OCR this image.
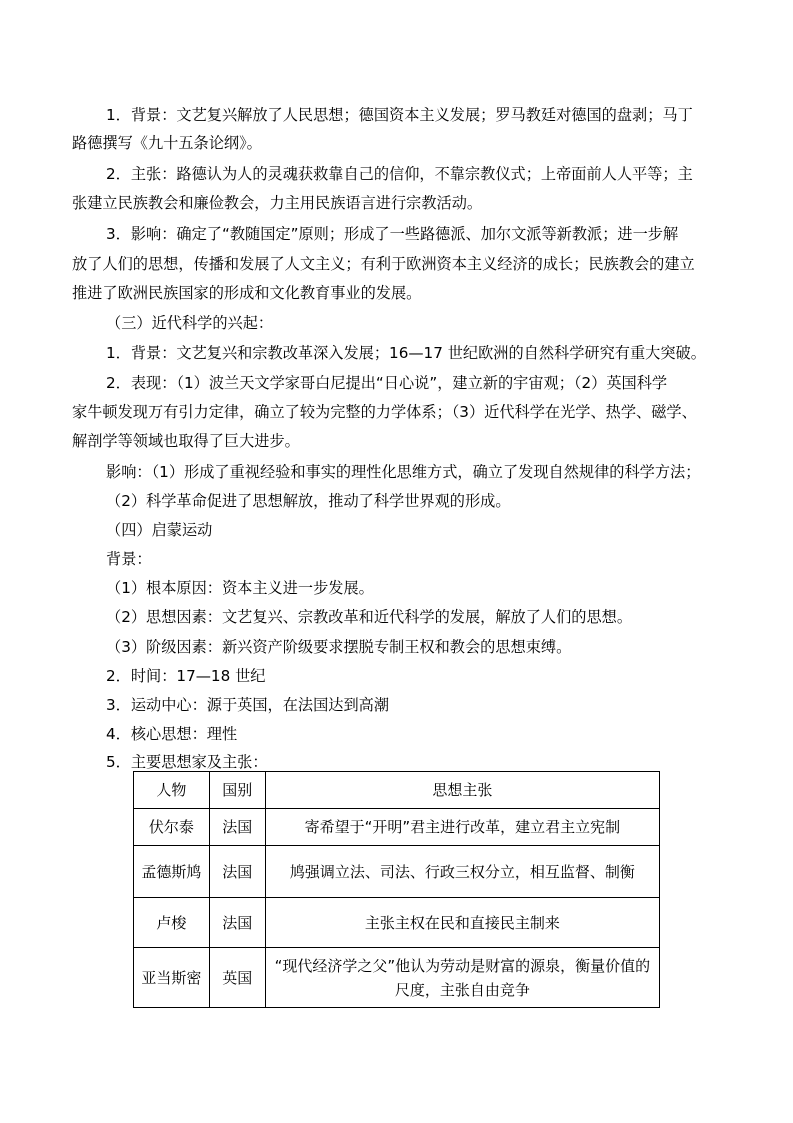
1．背景：文艺复兴解放了人民思想；德国资本主义发展；罗马教廷对德国的盘剥；马丁
路德撰写《九十五条论纲》。
2．主张：路德认为人的灵魂获救靠自己的信仰，不靠宗教仪式；上帝面前人人平等；主
张建立民族教会和廉俭教会，力主用民族语言进行宗教活动。
3．影响：确定了“教随国定”原则；形成了一些路德派、加尔文派等新教派；进一步解
放了人们的思想，传播和发展了人文主义；有利于欧洲资本主义经济的成长；民族教会的建立
推进了欧洲民族国家的形成和文化教育事业的发展。
（三）近代科学的兴起：
1．背景：文艺复兴和宗教改革深入发展；16—17 世纪欧洲的自然科学研究有重大突破。
2．表现：（1）波兰天文学家哥白尼提出“日心说”，建立新的宇宙观；（2）英国科学
家牛顿发现万有引力定律，确立了较为完整的力学体系；（3）近代科学在光学、热学、磁学、
解剖学等领域也取得了巨大进步。
影响：（1）形成了重视经验和事实的理性化思维方式，确立了发现自然规律的科学方法；
（2）科学革命促进了思想解放，推动了科学世界观的形成。
（四）启蒙运动
背景：
（1）根本原因：资本主义进一步发展。
（2）思想因素：文艺复兴、宗教改革和近代科学的发展，解放了人们的思想。
（3）阶级因素：新兴资产阶级要求摆脱专制王权和教会的思想束缚。
2．时间：17—18 世纪
3．运动中心：源于英国，在法国达到高潮
4．核心思想：理性
5．主要思想家及主张：
人物	国别	思想主张
伏尔泰	法国	寄希望于“开明”君主进行改革，建立君主立宪制
孟德斯鸠	法国	鸠强调立法、司法、行政三权分立，相互监督、制衡
卢梭	法国	主张主权在民和直接民主制来
亚当斯密	英国	“现代经济学之父”他认为劳动是财富的源泉，衡量价值的尺度，主张自由竞争
